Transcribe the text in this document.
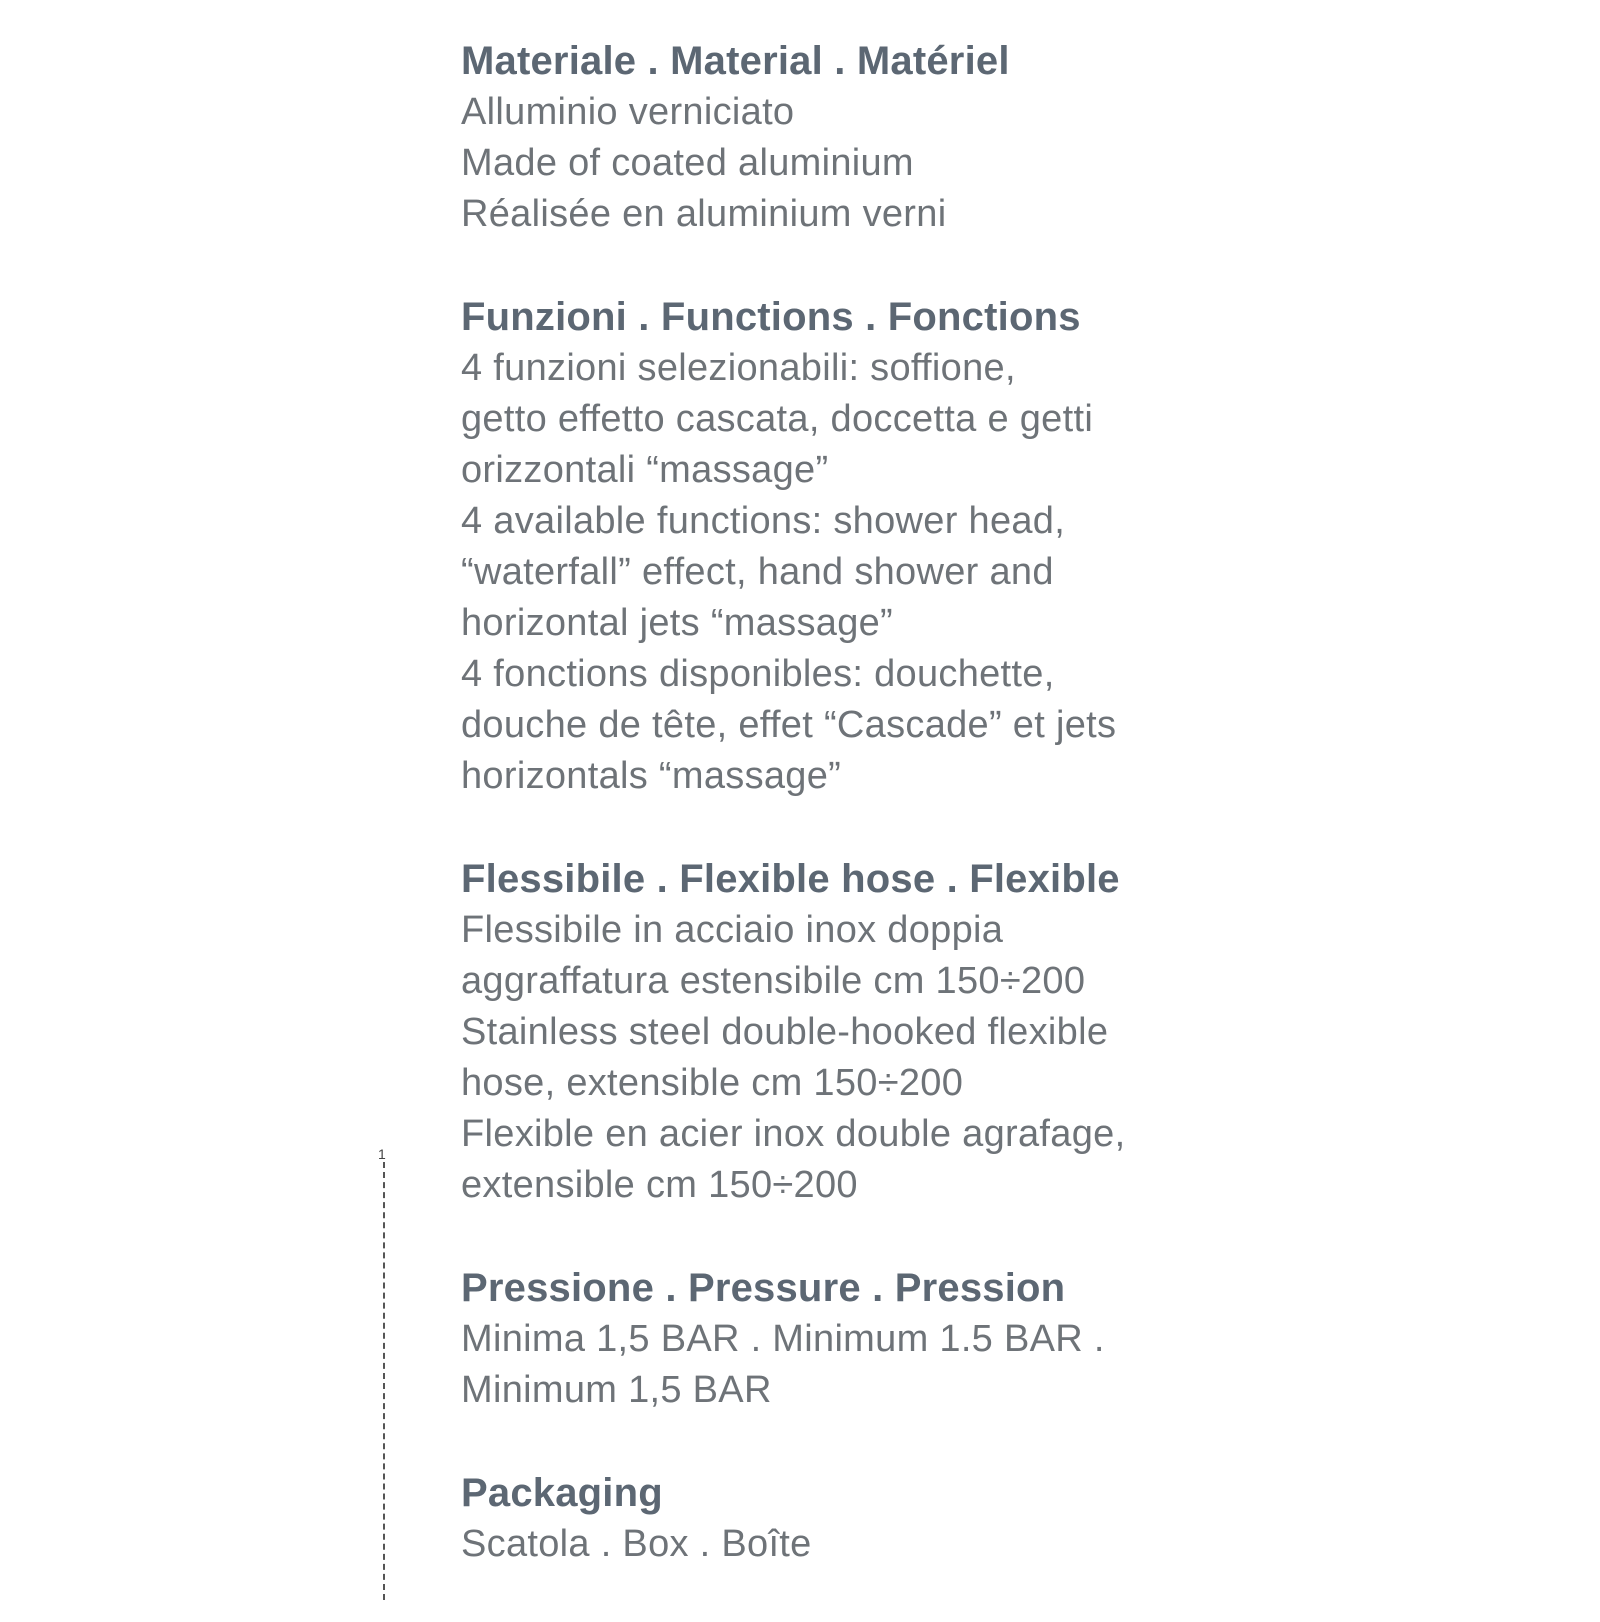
Materiale . Material . Matériel
Alluminio verniciato
Made of coated aluminium
Réalisée en aluminium verni
Funzioni . Functions . Fonctions
4 funzioni selezionabili: soffione,
getto effetto cascata, doccetta e getti
orizzontali “massage”
4 available functions: shower head,
“waterfall” effect, hand shower and
horizontal jets “massage”
4 fonctions disponibles: douchette,
douche de tête, effet “Cascade” et jets
horizontals “massage”
Flessibile . Flexible hose . Flexible
Flessibile in acciaio inox doppia
aggraffatura estensibile cm 150÷200
Stainless steel double-hooked flexible
hose, extensible cm 150÷200
Flexible en acier inox double agrafage,
extensible cm 150÷200
Pressione . Pressure . Pression
Minima 1,5 BAR . Minimum 1.5 BAR .
Minimum 1,5 BAR
Packaging
Scatola . Box . Boîte
1
